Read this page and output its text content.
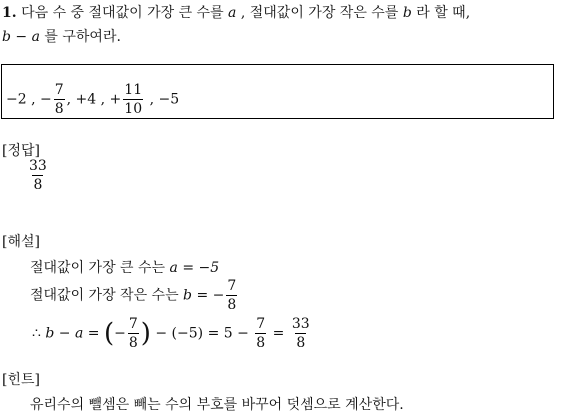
1. 다음 수 중 절대값이 가장 큰 수를 a , 절대값이 가장 작은 수를 b 라 할 때,
b − a 를 구하여라.
−2 , − $\frac{7}{8}$ , +4 , + $\frac{11}{10}$ , −5
[정답]
$\frac{33}{8}$
[해설]
절대값이 가장 큰 수는 a = −5
절대값이 가장 작은 수는 b = − $\frac{7}{8}$
∴ b − a = (− $\frac{7}{8}$ ) − $(-5) = 5 - \frac{7}{8} = \frac{33}{8}$
[힌트]
유리수의 뺄셈은 빼는 수의 부호를 바꾸어 덧셈으로 계산한다.
